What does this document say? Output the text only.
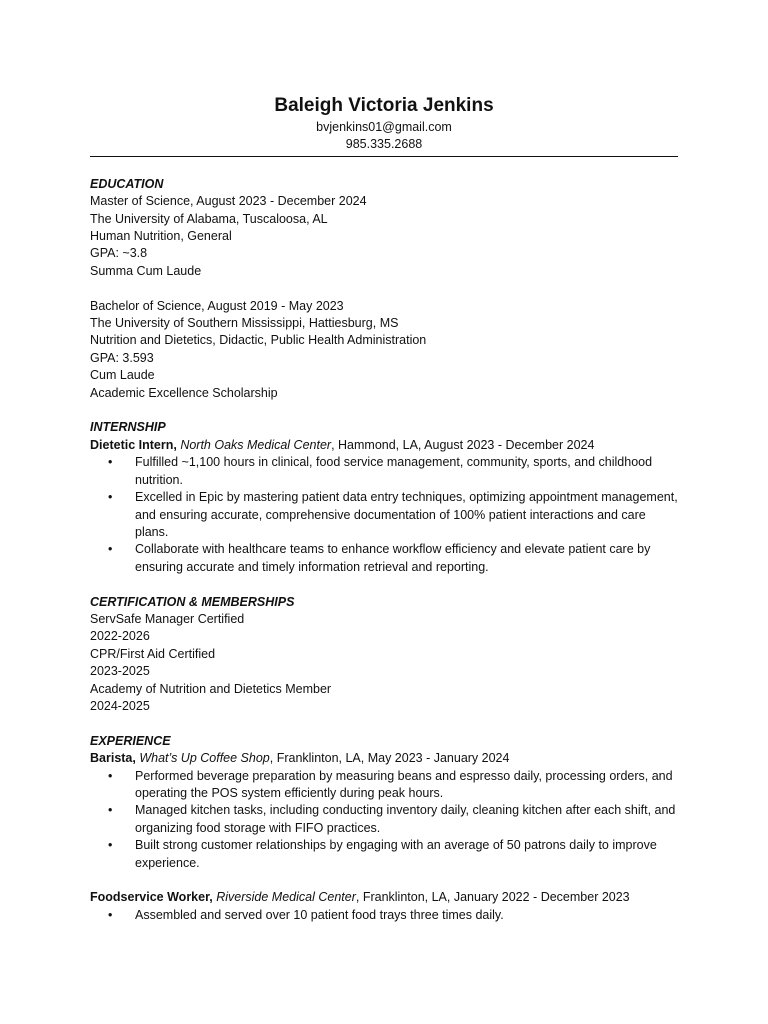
Baleigh Victoria Jenkins
bvjenkins01@gmail.com
985.335.2688
EDUCATION
Master of Science, August 2023 - December 2024
The University of Alabama, Tuscaloosa, AL
Human Nutrition, General
GPA: ~3.8
Summa Cum Laude
Bachelor of Science, August 2019 - May 2023
The University of Southern Mississippi, Hattiesburg, MS
Nutrition and Dietetics, Didactic, Public Health Administration
GPA: 3.593
Cum Laude
Academic Excellence Scholarship
INTERNSHIP
Dietetic Intern, North Oaks Medical Center, Hammond, LA, August 2023 - December 2024
• Fulfilled ~1,100 hours in clinical, food service management, community, sports, and childhood nutrition.
• Excelled in Epic by mastering patient data entry techniques, optimizing appointment management, and ensuring accurate, comprehensive documentation of 100% patient interactions and care plans.
• Collaborate with healthcare teams to enhance workflow efficiency and elevate patient care by ensuring accurate and timely information retrieval and reporting.
CERTIFICATION & MEMBERSHIPS
ServSafe Manager Certified
2022-2026
CPR/First Aid Certified
2023-2025
Academy of Nutrition and Dietetics Member
2024-2025
EXPERIENCE
Barista, What’s Up Coffee Shop, Franklinton, LA, May 2023 - January 2024
• Performed beverage preparation by measuring beans and espresso daily, processing orders, and operating the POS system efficiently during peak hours.
• Managed kitchen tasks, including conducting inventory daily, cleaning kitchen after each shift, and organizing food storage with FIFO practices.
• Built strong customer relationships by engaging with an average of 50 patrons daily to improve experience.
Foodservice Worker, Riverside Medical Center, Franklinton, LA, January 2022 - December 2023
• Assembled and served over 10 patient food trays three times daily.
